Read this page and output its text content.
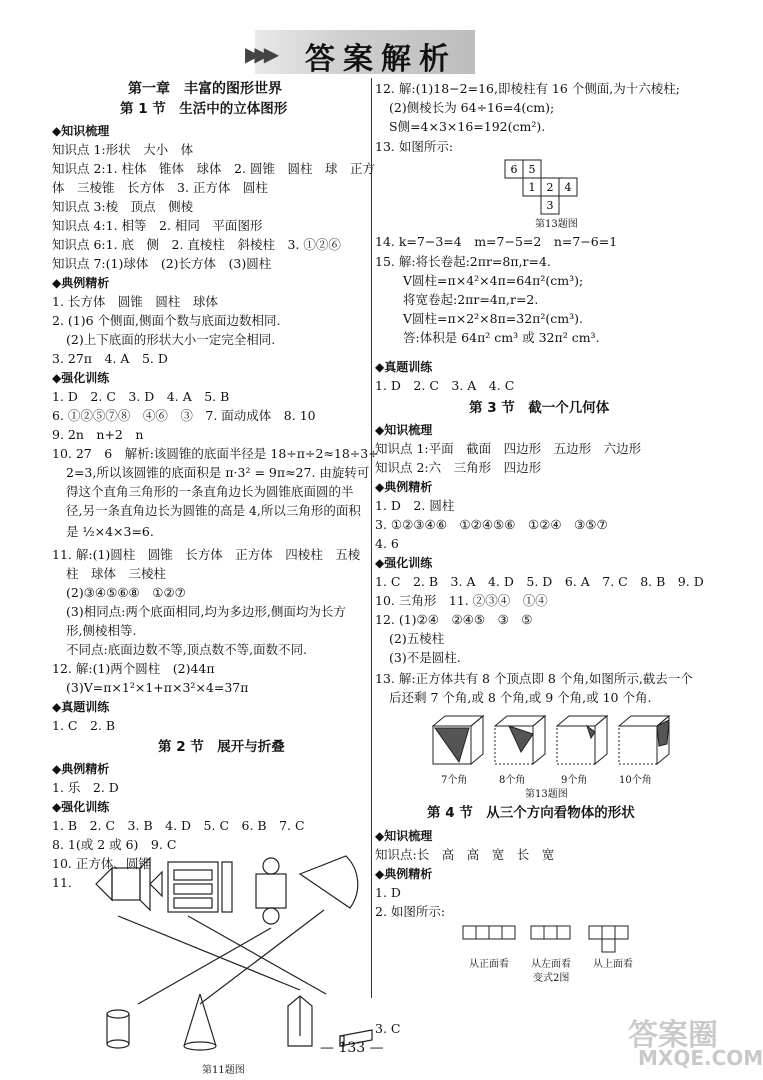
▶▶▶ 答案解析
第一章　丰富的图形世界
第 1 节　生活中的立体图形
◆知识梳理
知识点 1:形状　大小　体
知识点 2:1. 柱体　锥体　球体　2. 圆锥　圆柱　球　正方
体　三棱锥　长方体　3. 正方体　圆柱
知识点 3:棱　顶点　侧棱
知识点 4:1. 相等　2. 相同　平面图形
知识点 6:1. 底　侧　2. 直棱柱　斜棱柱　3. ①②⑥
知识点 7:(1)球体　(2)长方体　(3)圆柱
◆典例精析
1. 长方体　圆锥　圆柱　球体
2. (1)6 个侧面,侧面个数与底面边数相同.
(2)上下底面的形状大小一定完全相同.
3. 27π　4. A　5. D
◆强化训练
1. D　2. C　3. D　4. A　5. B
6. ①②⑤⑦⑧　④⑥　③　7. 面动成体　8. 10
9. 2n　n+2　n
10. 27　6　解析:该圆锥的底面半径是 18÷π÷2≈18÷3÷
2=3,所以该圆锥的底面积是 π·3² = 9π≈27. 由旋转可
得这个直角三角形的一条直角边长为圆锥底面圆的半
径,另一条直角边长为圆锥的高是 4,所以三角形的面积
是 ½×4×3=6.
11. 解:(1)圆柱　圆锥　长方体　正方体　四棱柱　五棱
柱　球体　三棱柱
(2)③④⑤⑥⑧　①②⑦
(3)相同点:两个底面相同,均为多边形,侧面均为长方
形,侧棱相等.
不同点:底面边数不等,顶点数不等,面数不同.
12. 解:(1)两个圆柱　(2)44π
(3)V=π×1²×1+π×3²×4=37π
◆真题训练
1. C　2. B
第 2 节　展开与折叠
◆典例精析
1. 乐　2. D
◆强化训练
1. B　2. C　3. B　4. D　5. C　6. B　7. C
8. 1(或 2 或 6)　9. C
10. 正方体、圆锥
11.
第11题图
12. 解:(1)18−2=16,即棱柱有 16 个侧面,为十六棱柱;
(2)侧棱长为 64÷16=4(cm);
S侧=4×3×16=192(cm²).
13. 如图所示:
6 5
1 2 4
3
第13题图
14. k=7−3=4　m=7−5=2　n=7−6=1
15. 解:将长卷起:2πr=8π,r=4.
V圆柱=π×4²×4π=64π²(cm³);
将宽卷起:2πr=4π,r=2.
V圆柱=π×2²×8π=32π²(cm³).
答:体积是 64π² cm³ 或 32π² cm³.
◆真题训练
1. D　2. C　3. A　4. C
第 3 节　截一个几何体
◆知识梳理
知识点 1:平面　截面　四边形　五边形　六边形
知识点 2:六　三角形　四边形
◆典例精析
1. D　2. 圆柱
3. ①②③④⑥　①②④⑤⑥　①②④　③⑤⑦
4. 6
◆强化训练
1. C　2. B　3. A　4. D　5. D　6. A　7. C　8. B　9. D
10. 三角形　11. ②③④　①④
12. (1)②④　②④⑤　③　⑤
(2)五棱柱
(3)不是圆柱.
13. 解:正方体共有 8 个顶点即 8 个角,如图所示,截去一个
后还剩 7 个角,或 8 个角,或 9 个角,或 10 个角.
7个角	8个角	9个角	10个角
第13题图
第 4 节　从三个方向看物体的形状
◆知识梳理
知识点:长　高　高　宽　长　宽
◆典例精析
1. D
2. 如图所示:
从正面看 从左面看 从上面看
变式2图
3. C
— 133 —	答案圈
MXQE.COM
